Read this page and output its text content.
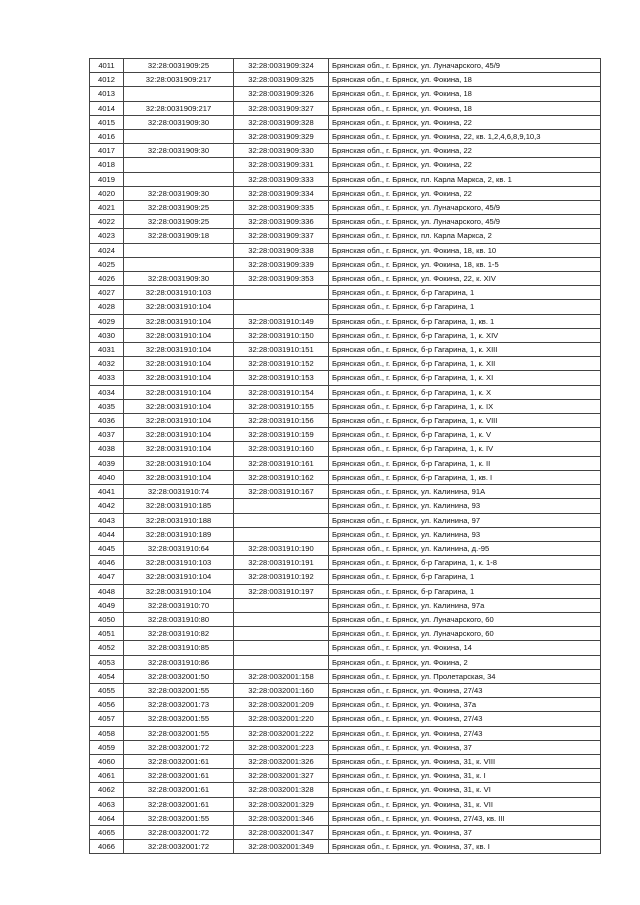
4011	32:28:0031909:25	32:28:0031909:324	Брянская обл., г. Брянск, ул. Луначарского, 45/9
4012	32:28:0031909:217	32:28:0031909:325	Брянская обл., г. Брянск, ул. Фокина, 18
4013		32:28:0031909:326	Брянская обл., г. Брянск, ул. Фокина, 18
4014	32:28:0031909:217	32:28:0031909:327	Брянская обл., г. Брянск, ул. Фокина, 18
4015	32:28:0031909:30	32:28:0031909:328	Брянская обл., г. Брянск, ул. Фокина, 22
4016		32:28:0031909:329	Брянская обл., г. Брянск, ул. Фокина, 22, кв. 1,2,4,6,8,9,10,3
4017	32:28:0031909:30	32:28:0031909:330	Брянская обл., г. Брянск, ул. Фокина, 22
4018		32:28:0031909:331	Брянская обл., г. Брянск, ул. Фокина, 22
4019		32:28:0031909:333	Брянская обл., г. Брянск, пл. Карла Маркса, 2, кв. 1
4020	32:28:0031909:30	32:28:0031909:334	Брянская обл., г. Брянск, ул. Фокина, 22
4021	32:28:0031909:25	32:28:0031909:335	Брянская обл., г. Брянск, ул. Луначарского, 45/9
4022	32:28:0031909:25	32:28:0031909:336	Брянская обл., г. Брянск, ул. Луначарского, 45/9
4023	32:28:0031909:18	32:28:0031909:337	Брянская обл., г. Брянск, пл. Карла Маркса, 2
4024		32:28:0031909:338	Брянская обл., г. Брянск, ул. Фокина, 18, кв. 10
4025		32:28:0031909:339	Брянская обл., г. Брянск, ул. Фокина, 18, кв. 1-5
4026	32:28:0031909:30	32:28:0031909:353	Брянская обл., г. Брянск, ул. Фокина, 22, к. XIV
4027	32:28:0031910:103		Брянская обл., г. Брянск, б-р Гагарина, 1
4028	32:28:0031910:104		Брянская обл., г. Брянск, б-р Гагарина, 1
4029	32:28:0031910:104	32:28:0031910:149	Брянская обл., г. Брянск, б-р Гагарина, 1, кв. 1
4030	32:28:0031910:104	32:28:0031910:150	Брянская обл., г. Брянск, б-р Гагарина, 1, к. XIV
4031	32:28:0031910:104	32:28:0031910:151	Брянская обл., г. Брянск, б-р Гагарина, 1, к. XIII
4032	32:28:0031910:104	32:28:0031910:152	Брянская обл., г. Брянск, б-р Гагарина, 1, к. XII
4033	32:28:0031910:104	32:28:0031910:153	Брянская обл., г. Брянск, б-р Гагарина, 1, к. XI
4034	32:28:0031910:104	32:28:0031910:154	Брянская обл., г. Брянск, б-р Гагарина, 1, к. X
4035	32:28:0031910:104	32:28:0031910:155	Брянская обл., г. Брянск, б-р Гагарина, 1, к. IX
4036	32:28:0031910:104	32:28:0031910:156	Брянская обл., г. Брянск, б-р Гагарина, 1, к. VIII
4037	32:28:0031910:104	32:28:0031910:159	Брянская обл., г. Брянск, б-р Гагарина, 1, к. V
4038	32:28:0031910:104	32:28:0031910:160	Брянская обл., г. Брянск, б-р Гагарина, 1, к. IV
4039	32:28:0031910:104	32:28:0031910:161	Брянская обл., г. Брянск, б-р Гагарина, 1, к. II
4040	32:28:0031910:104	32:28:0031910:162	Брянская обл., г. Брянск, б-р Гагарина, 1, кв. I
4041	32:28:0031910:74	32:28:0031910:167	Брянская обл., г. Брянск, ул. Калинина, 91А
4042	32:28:0031910:185		Брянская обл., г. Брянск, ул. Калинина, 93
4043	32:28:0031910:188		Брянская обл., г. Брянск, ул. Калинина, 97
4044	32:28:0031910:189		Брянская обл., г. Брянск, ул. Калинина, 93
4045	32:28:0031910:64	32:28:0031910:190	Брянская обл., г. Брянск, ул. Калинина, д.-95
4046	32:28:0031910:103	32:28:0031910:191	Брянская обл., г. Брянск, б-р Гагарина, 1, к. 1-8
4047	32:28:0031910:104	32:28:0031910:192	Брянская обл., г. Брянск, б-р Гагарина, 1
4048	32:28:0031910:104	32:28:0031910:197	Брянская обл., г. Брянск, б-р Гагарина, 1
4049	32:28:0031910:70		Брянская обл., г. Брянск, ул. Калинина, 97а
4050	32:28:0031910:80		Брянская обл., г. Брянск, ул. Луначарского, 60
4051	32:28:0031910:82		Брянская обл., г. Брянск, ул. Луначарского, 60
4052	32:28:0031910:85		Брянская обл., г. Брянск, ул. Фокина, 14
4053	32:28:0031910:86		Брянская обл., г. Брянск, ул. Фокина, 2
4054	32:28:0032001:50	32:28:0032001:158	Брянская обл., г. Брянск, ул. Пролетарская, 34
4055	32:28:0032001:55	32:28:0032001:160	Брянская обл., г. Брянск, ул. Фокина, 27/43
4056	32:28:0032001:73	32:28:0032001:209	Брянская обл., г. Брянск, ул. Фокина, 37а
4057	32:28:0032001:55	32:28:0032001:220	Брянская обл., г. Брянск, ул. Фокина, 27/43
4058	32:28:0032001:55	32:28:0032001:222	Брянская обл., г. Брянск, ул. Фокина, 27/43
4059	32:28:0032001:72	32:28:0032001:223	Брянская обл., г. Брянск, ул. Фокина, 37
4060	32:28:0032001:61	32:28:0032001:326	Брянская обл., г. Брянск, ул. Фокина, 31, к. VIII
4061	32:28:0032001:61	32:28:0032001:327	Брянская обл., г. Брянск, ул. Фокина, 31, к. I
4062	32:28:0032001:61	32:28:0032001:328	Брянская обл., г. Брянск, ул. Фокина, 31, к. VI
4063	32:28:0032001:61	32:28:0032001:329	Брянская обл., г. Брянск, ул. Фокина, 31, к. VII
4064	32:28:0032001:55	32:28:0032001:346	Брянская обл., г. Брянск, ул. Фокина, 27/43, кв. III
4065	32:28:0032001:72	32:28:0032001:347	Брянская обл., г. Брянск, ул. Фокина, 37
4066	32:28:0032001:72	32:28:0032001:349	Брянская обл., г. Брянск, ул. Фокина, 37, кв. I
